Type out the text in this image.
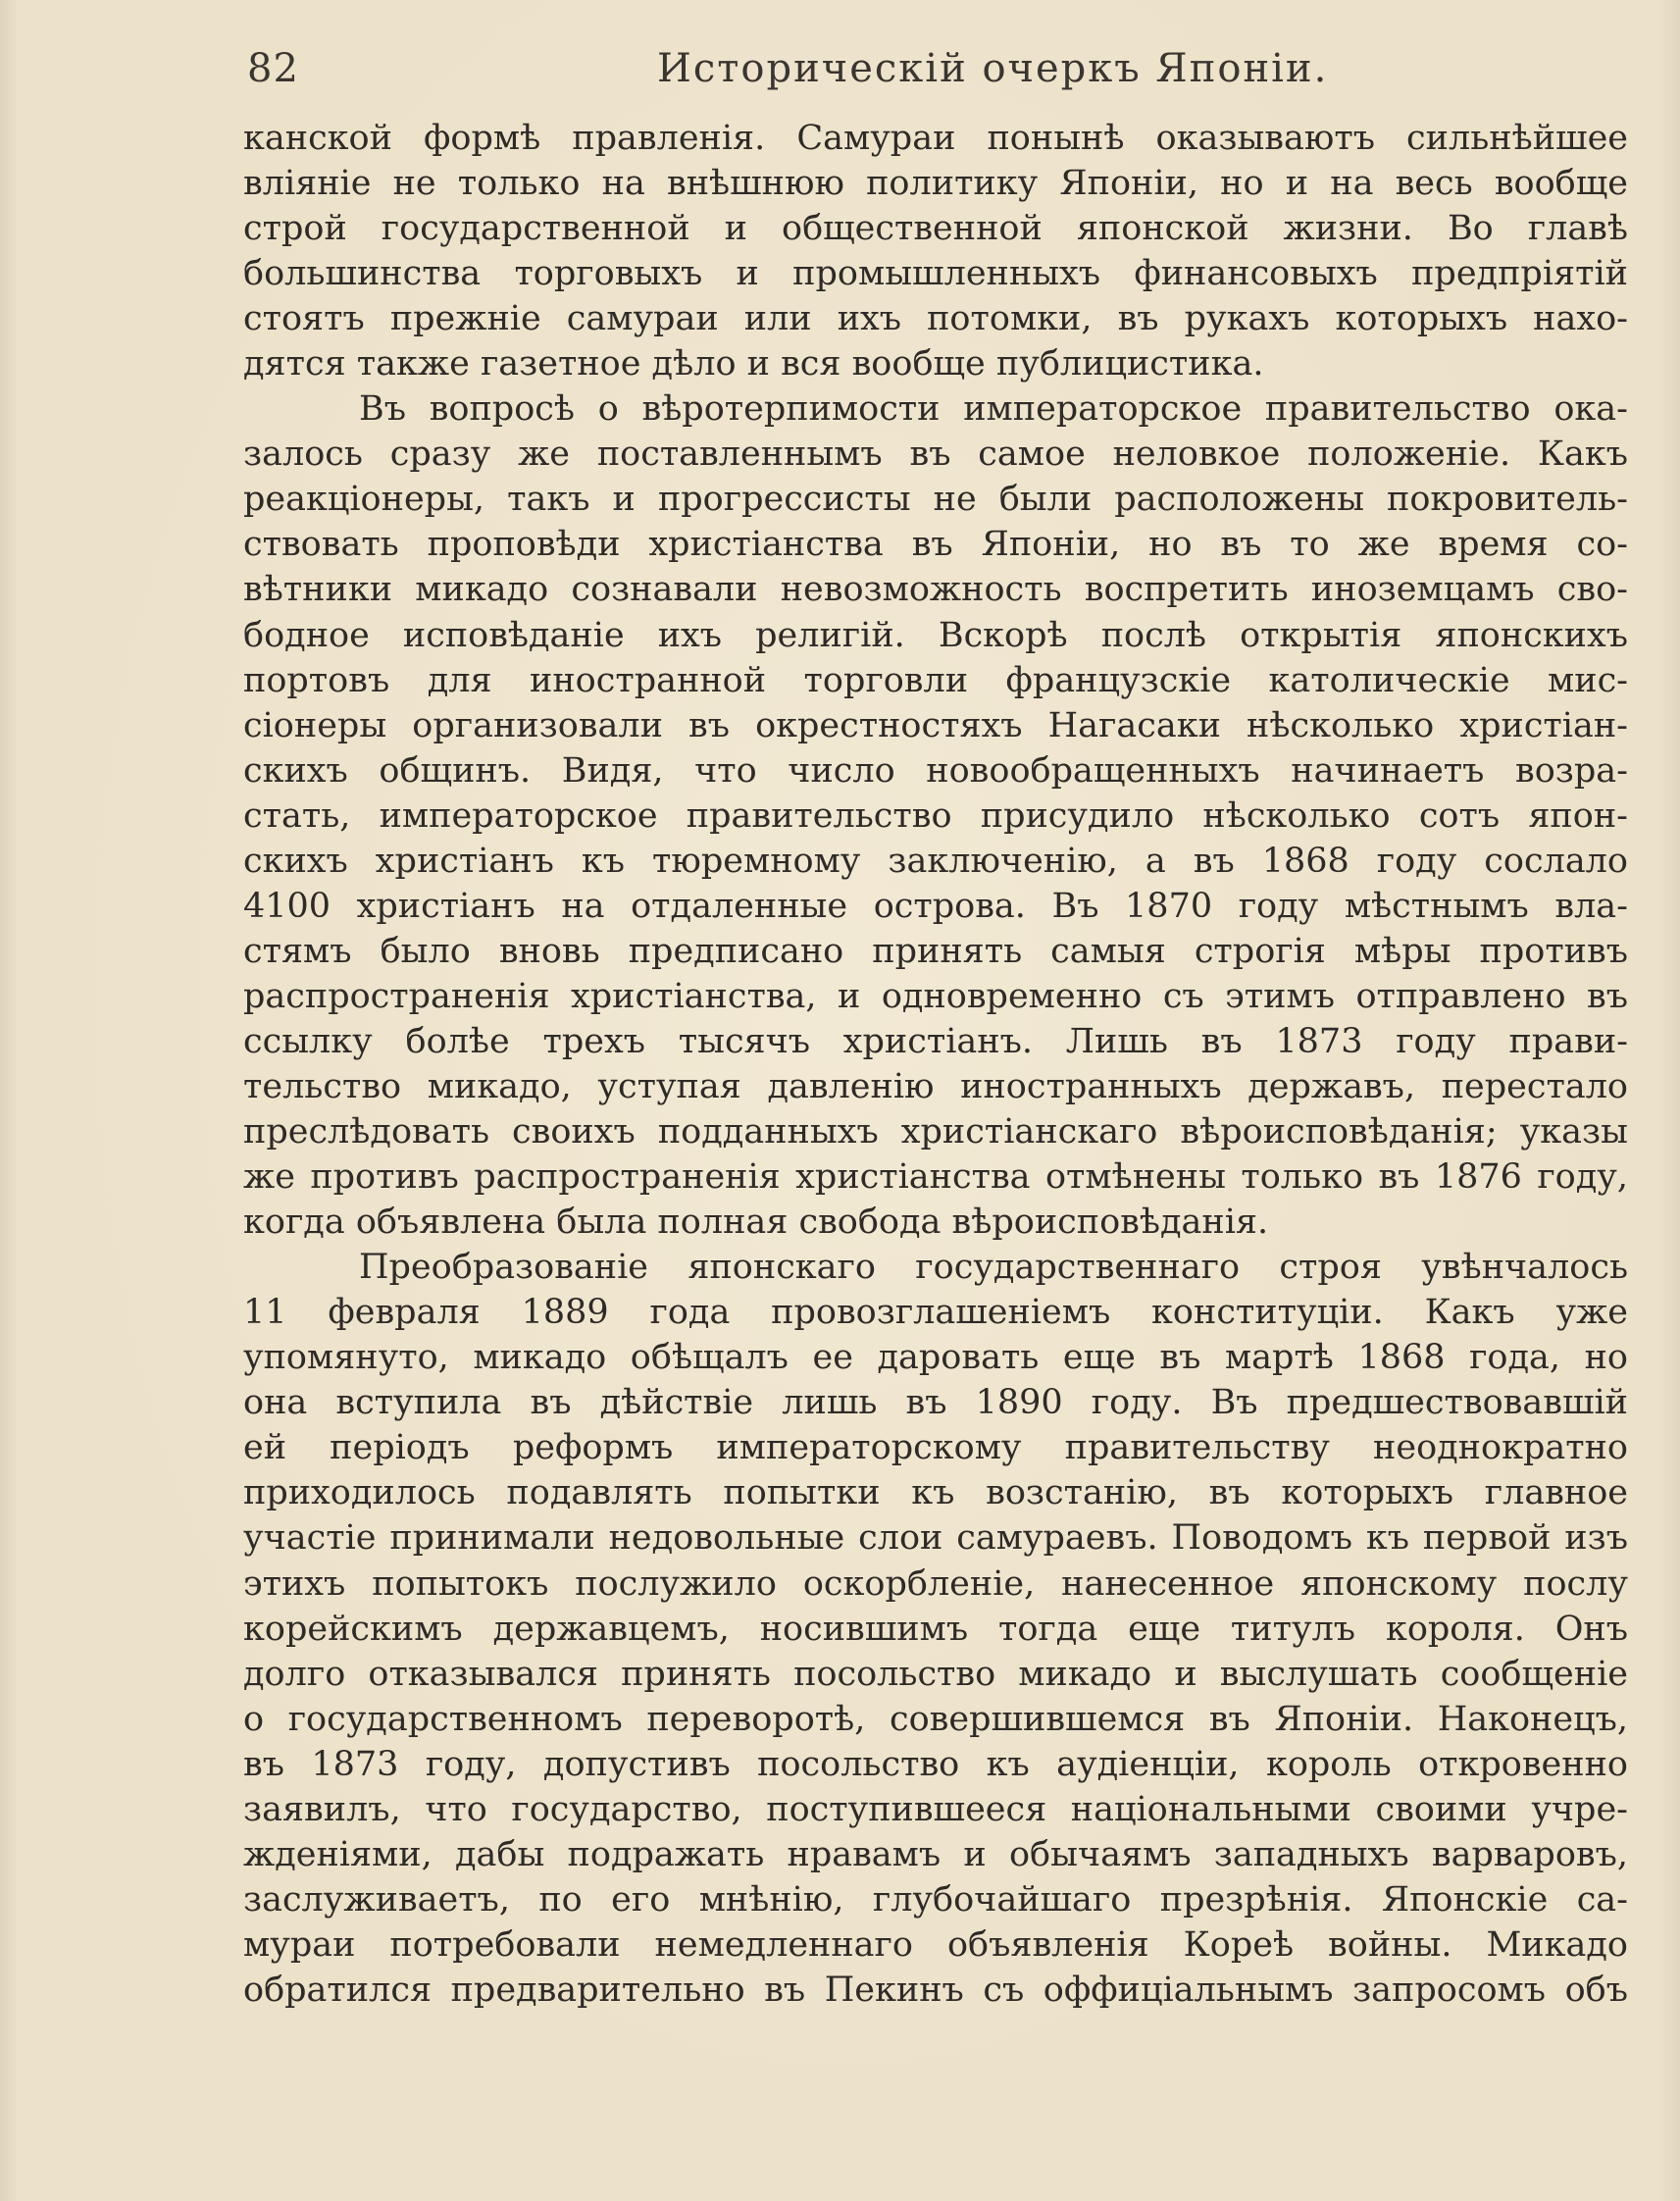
82	Историческій очеркъ Японіи.
канской формѣ правленія. Самураи понынѣ оказываютъ сильнѣйшее
вліяніе не только на внѣшнюю политику Японіи, но и на весь вообще
строй государственной и общественной японской жизни. Во главѣ
большинства торговыхъ и промышленныхъ финансовыхъ предпріятій
стоятъ прежніе самураи или ихъ потомки, въ рукахъ которыхъ нахо-
дятся также газетное дѣло и вся вообще публицистика.
Въ вопросѣ о вѣротерпимости императорское правительство ока-
залось сразу же поставленнымъ въ самое неловкое положеніе. Какъ
реакціонеры, такъ и прогрессисты не были расположены покровитель-
ствовать проповѣди христіанства въ Японіи, но въ то же время со-
вѣтники микадо сознавали невозможность воспретить иноземцамъ сво-
бодное исповѣданіе ихъ религій. Вскорѣ послѣ открытія японскихъ
портовъ для иностранной торговли французскіе католическіе мис-
сіонеры организовали въ окрестностяхъ Нагасаки нѣсколько христіан-
скихъ общинъ. Видя, что число новообращенныхъ начинаетъ возра-
стать, императорское правительство присудило нѣсколько сотъ япон-
скихъ христіанъ къ тюремному заключенію, а въ 1868 году сослало
4100 христіанъ на отдаленные острова. Въ 1870 году мѣстнымъ вла-
стямъ было вновь предписано принять самыя строгія мѣры противъ
распространенія христіанства, и одновременно съ этимъ отправлено въ
ссылку болѣе трехъ тысячъ христіанъ. Лишь въ 1873 году прави-
тельство микадо, уступая давленію иностранныхъ державъ, перестало
преслѣдовать своихъ подданныхъ христіанскаго вѣроисповѣданія; указы
же противъ распространенія христіанства отмѣнены только въ 1876 году,
когда объявлена была полная свобода вѣроисповѣданія.
Преобразованіе японскаго государственнаго строя увѣнчалось
11 февраля 1889 года провозглашеніемъ конституціи. Какъ уже
упомянуто, микадо обѣщалъ ее даровать еще въ мартѣ 1868 года, но
она вступила въ дѣйствіе лишь въ 1890 году. Въ предшествовавшій
ей періодъ реформъ императорскому правительству неоднократно
приходилось подавлять попытки къ возстанію, въ которыхъ главное
участіе принимали недовольные слои самураевъ. Поводомъ къ первой изъ
этихъ попытокъ послужило оскорбленіе, нанесенное японскому послу
корейскимъ державцемъ, носившимъ тогда еще титулъ короля. Онъ
долго отказывался принять посольство микадо и выслушать сообщеніе
о государственномъ переворотѣ, совершившемся въ Японіи. Наконецъ,
въ 1873 году, допустивъ посольство къ аудіенціи, король откровенно
заявилъ, что государство, поступившееся національными своими учре-
жденіями, дабы подражать нравамъ и обычаямъ западныхъ варваровъ,
заслуживаетъ, по его мнѣнію, глубочайшаго презрѣнія. Японскіе са-
мураи потребовали немедленнаго объявленія Кореѣ войны. Микадо
обратился предварительно въ Пекинъ съ оффиціальнымъ запросомъ объ
